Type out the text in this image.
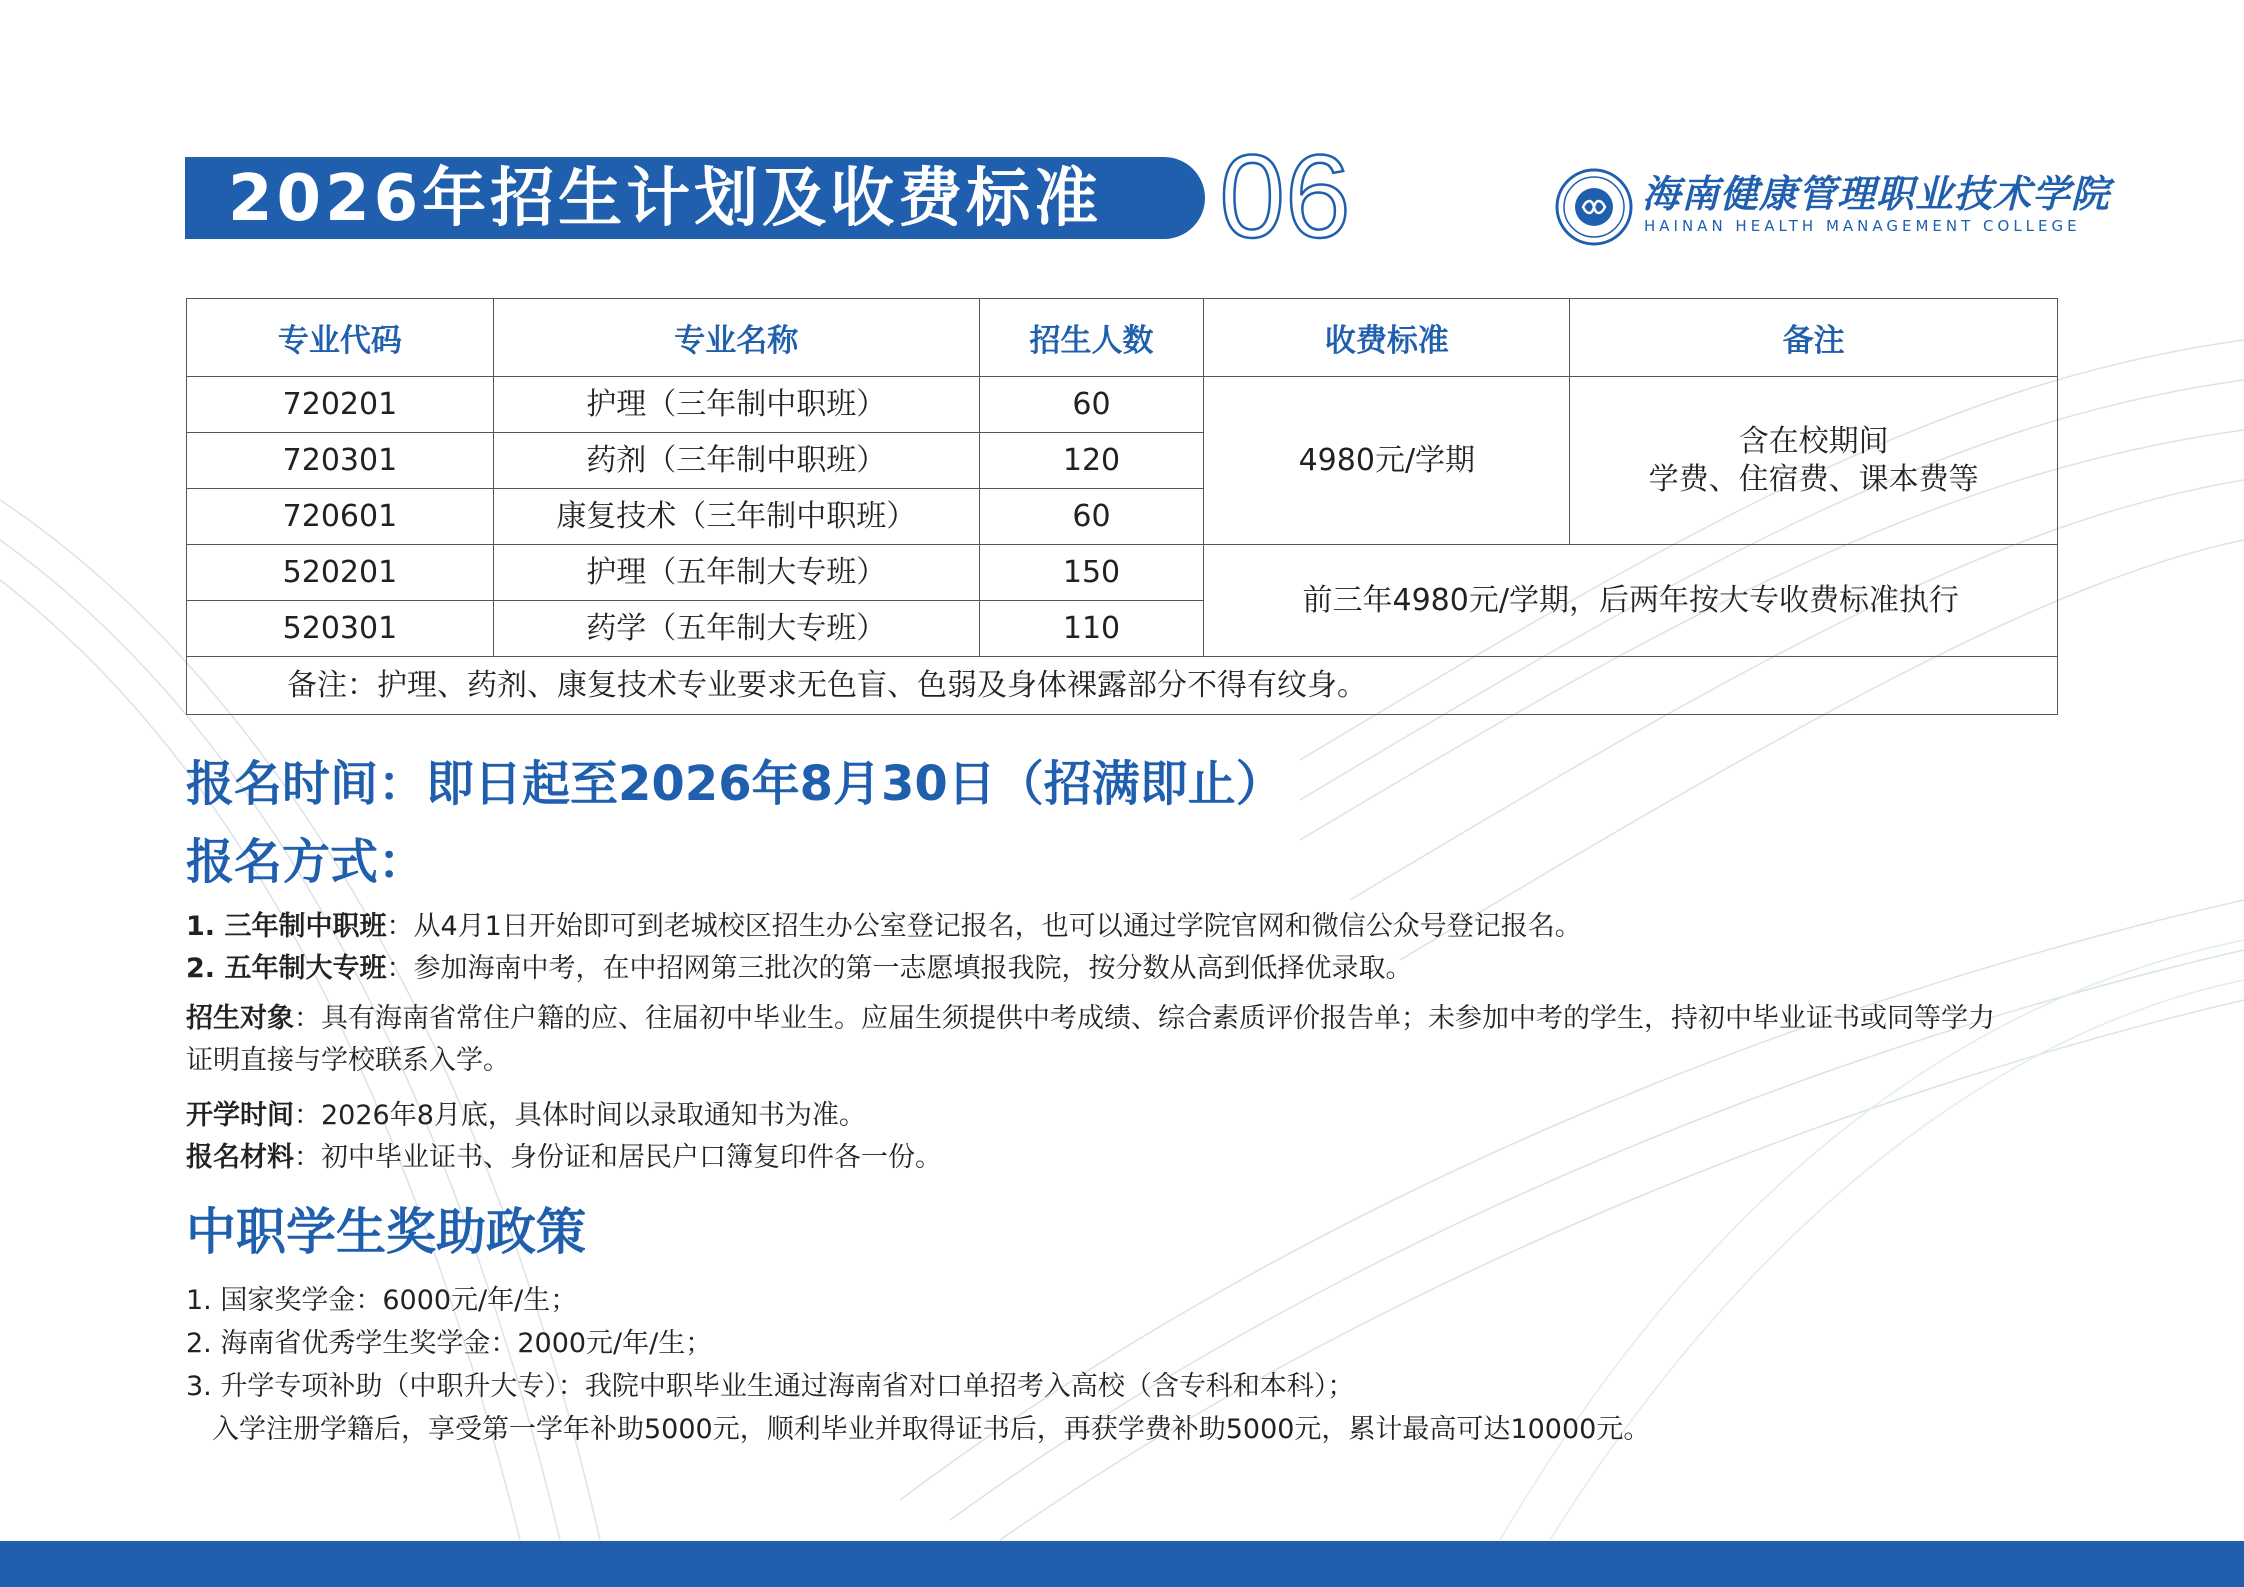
2026年招生计划及收费标准 06	海南健康管理职业技术学院
HAINAN HEALTH MANAGEMENT COLLEGE
专业代码	专业名称	招生人数	收费标准	备注
720201	护理（三年制中职班）	60	4980元/学期	含在校期间
学费、住宿费、课本费等

720301	药剂（三年制中职班）	120		
720601	康复技术（三年制中职班）	60		
520201	护理（五年制大专班）	150	前三年4980元/学期，后两年按大专收费标准执行	
520301	药学（五年制大专班）	110		
备注：护理、药剂、康复技术专业要求无色盲、色弱及身体裸露部分不得有纹身。				
报名时间：即日起至2026年8月30日（招满即止）
报名方式：
1. 三年制中职班：从4月1日开始即可到老城校区招生办公室登记报名，也可以通过学院官网和微信公众号登记报名。
2. 五年制大专班：参加海南中考，在中招网第三批次的第一志愿填报我院，按分数从高到低择优录取。
招生对象：具有海南省常住户籍的应、往届初中毕业生。应届生须提供中考成绩、综合素质评价报告单；未参加中考的学生，持初中毕业证书或同等学力
证明直接与学校联系入学。
开学时间：2026年8月底，具体时间以录取通知书为准。
报名材料：初中毕业证书、身份证和居民户口簿复印件各一份。
中职学生奖助政策
1. 国家奖学金：6000元/年/生；
2. 海南省优秀学生奖学金：2000元/年/生；
3. 升学专项补助（中职升大专）：我院中职毕业生通过海南省对口单招考入高校（含专科和本科）；
入学注册学籍后，享受第一学年补助5000元，顺利毕业并取得证书后，再获学费补助5000元，累计最高可达10000元。
